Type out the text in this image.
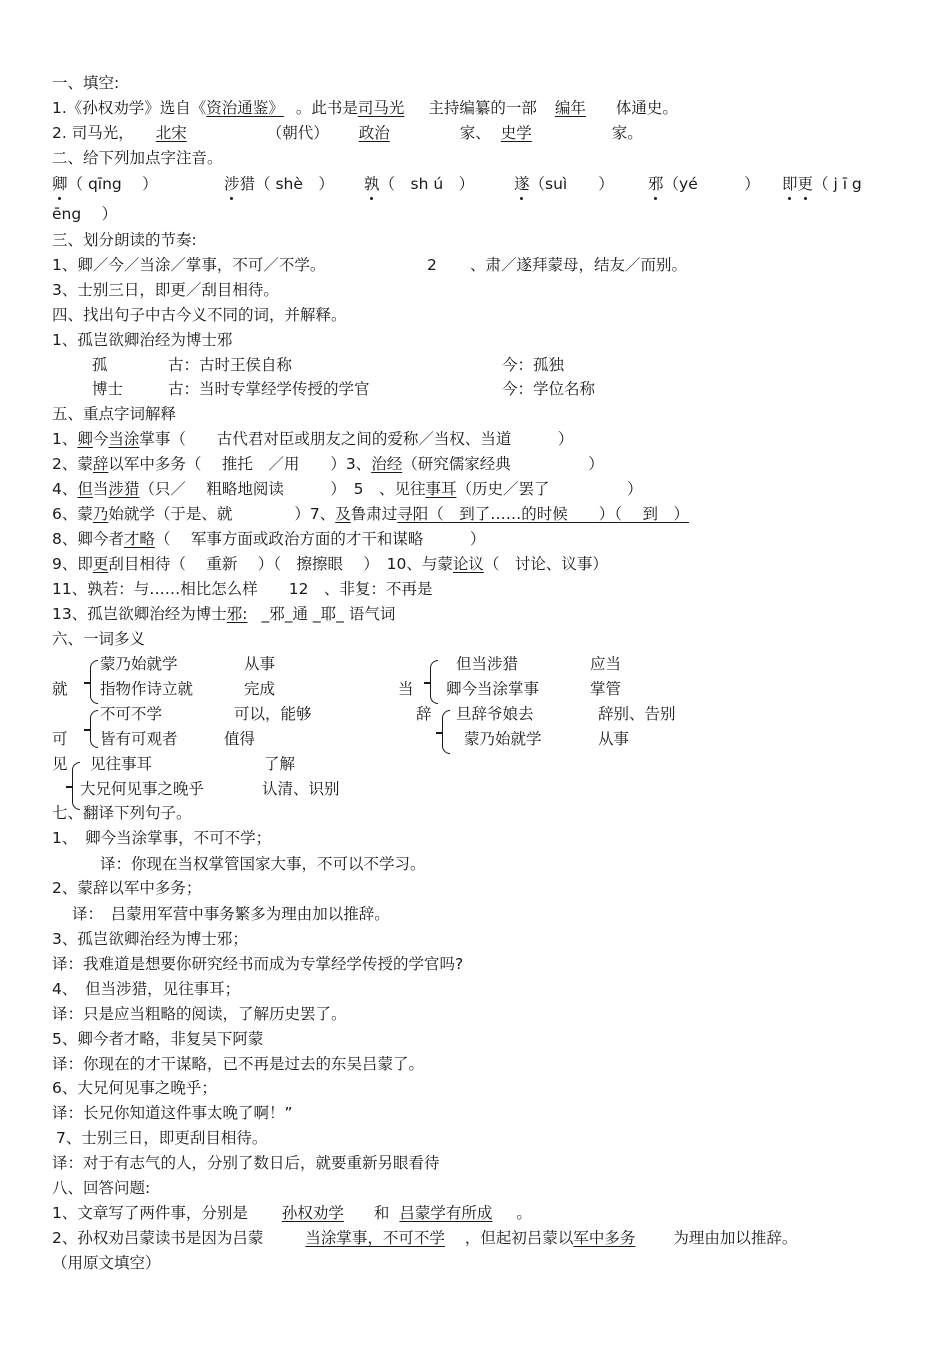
一、填空:
1.《孙权劝学》选自《资治通鉴》 。此书是司马光 主持编纂的一部 编年 体通史。
2. 司马光， 北宋	（朝代） 政治	家、 史学	家。
二、给下列加点字注音。
卿（ qīng　 ）	涉猎（ shè　） 孰（　sh ú　）	遂（suì　　） 邪（yé　　　） 即更（ j ī g
ēng　 ）
三、划分朗读的节奏:
1、卿／今／当涂／掌事，不可／不学。	2 、肃／遂拜蒙母，结友／而别。
3、士别三日，即更／刮目相待。
四、找出句子中古今义不同的词，并解释。
1、孤岂欲卿治经为博士邪
孤	古：古时王侯自称	今：孤独
博士	古：当时专掌经学传授的学官	今：学位名称
五、重点字词解释
1、卿今当涂掌事（　　古代君对臣或朋友之间的爱称／当权、当道　　　）
2、蒙辞以军中多务（　 推托　／用　　）3、治经（研究儒家经典　　　　　）
4、但当涉猎（只／　 粗略地阅读　　　）　5　、见往事耳（历史／罢了　　　　　）
6、蒙乃始就学（于是、就　　　　）7、及鲁肃过寻阳（　到了……的时候　　）（　 到　）
8、卿今者才略（　 军事方面或政治方面的才干和谋略　　　）
9、即更刮目相待（　 重新　 ）（　擦擦眼　 ）　10、与蒙论议（　讨论、议事）
11、孰若：与……相比怎么样　　12　、非复：不再是
13、孤岂欲卿治经为博士邪: _邪_通 _耶_ 语气词
六、一词多义
就
蒙乃始就学	从事	但当涉猎	应当
指物作诗立就	完成	当 卿今当涂掌事	掌管
不可不学	可以，能够	辞 旦辞爷娘去	辞别、告别
可 皆有可观者	值得	蒙乃始就学	从事
见 见往事耳	了解
大兄何见事之晚乎	认清、识别
七、翻译下列句子。
1、　卿今当涂掌事，不可不学；
译：你现在当权掌管国家大事，不可以不学习。
2、蒙辞以军中多务；
译：　吕蒙用军营中事务繁多为理由加以推辞。
3、孤岂欲卿治经为博士邪；
译：我难道是想要你研究经书而成为专掌经学传授的学官吗?
4、　但当涉猎，见往事耳；
译：只是应当粗略的阅读，了解历史罢了。
5、卿今者才略，非复吴下阿蒙
译：你现在的才干谋略，已不再是过去的东吴吕蒙了。
6、大兄何见事之晚乎；
译：长兄你知道这件事太晚了啊！”
7、士别三日，即更刮目相待。
译：对于有志气的人，分别了数日后，就要重新另眼看待
八、回答问题:
1、文章写了两件事，分别是 孙权劝学 和 吕蒙学有所成 。
2、孙权劝吕蒙读书是因为吕蒙	当涂掌事，不可不学 ，但起初吕蒙以军中多务 为理由加以推辞。
（用原文填空）
